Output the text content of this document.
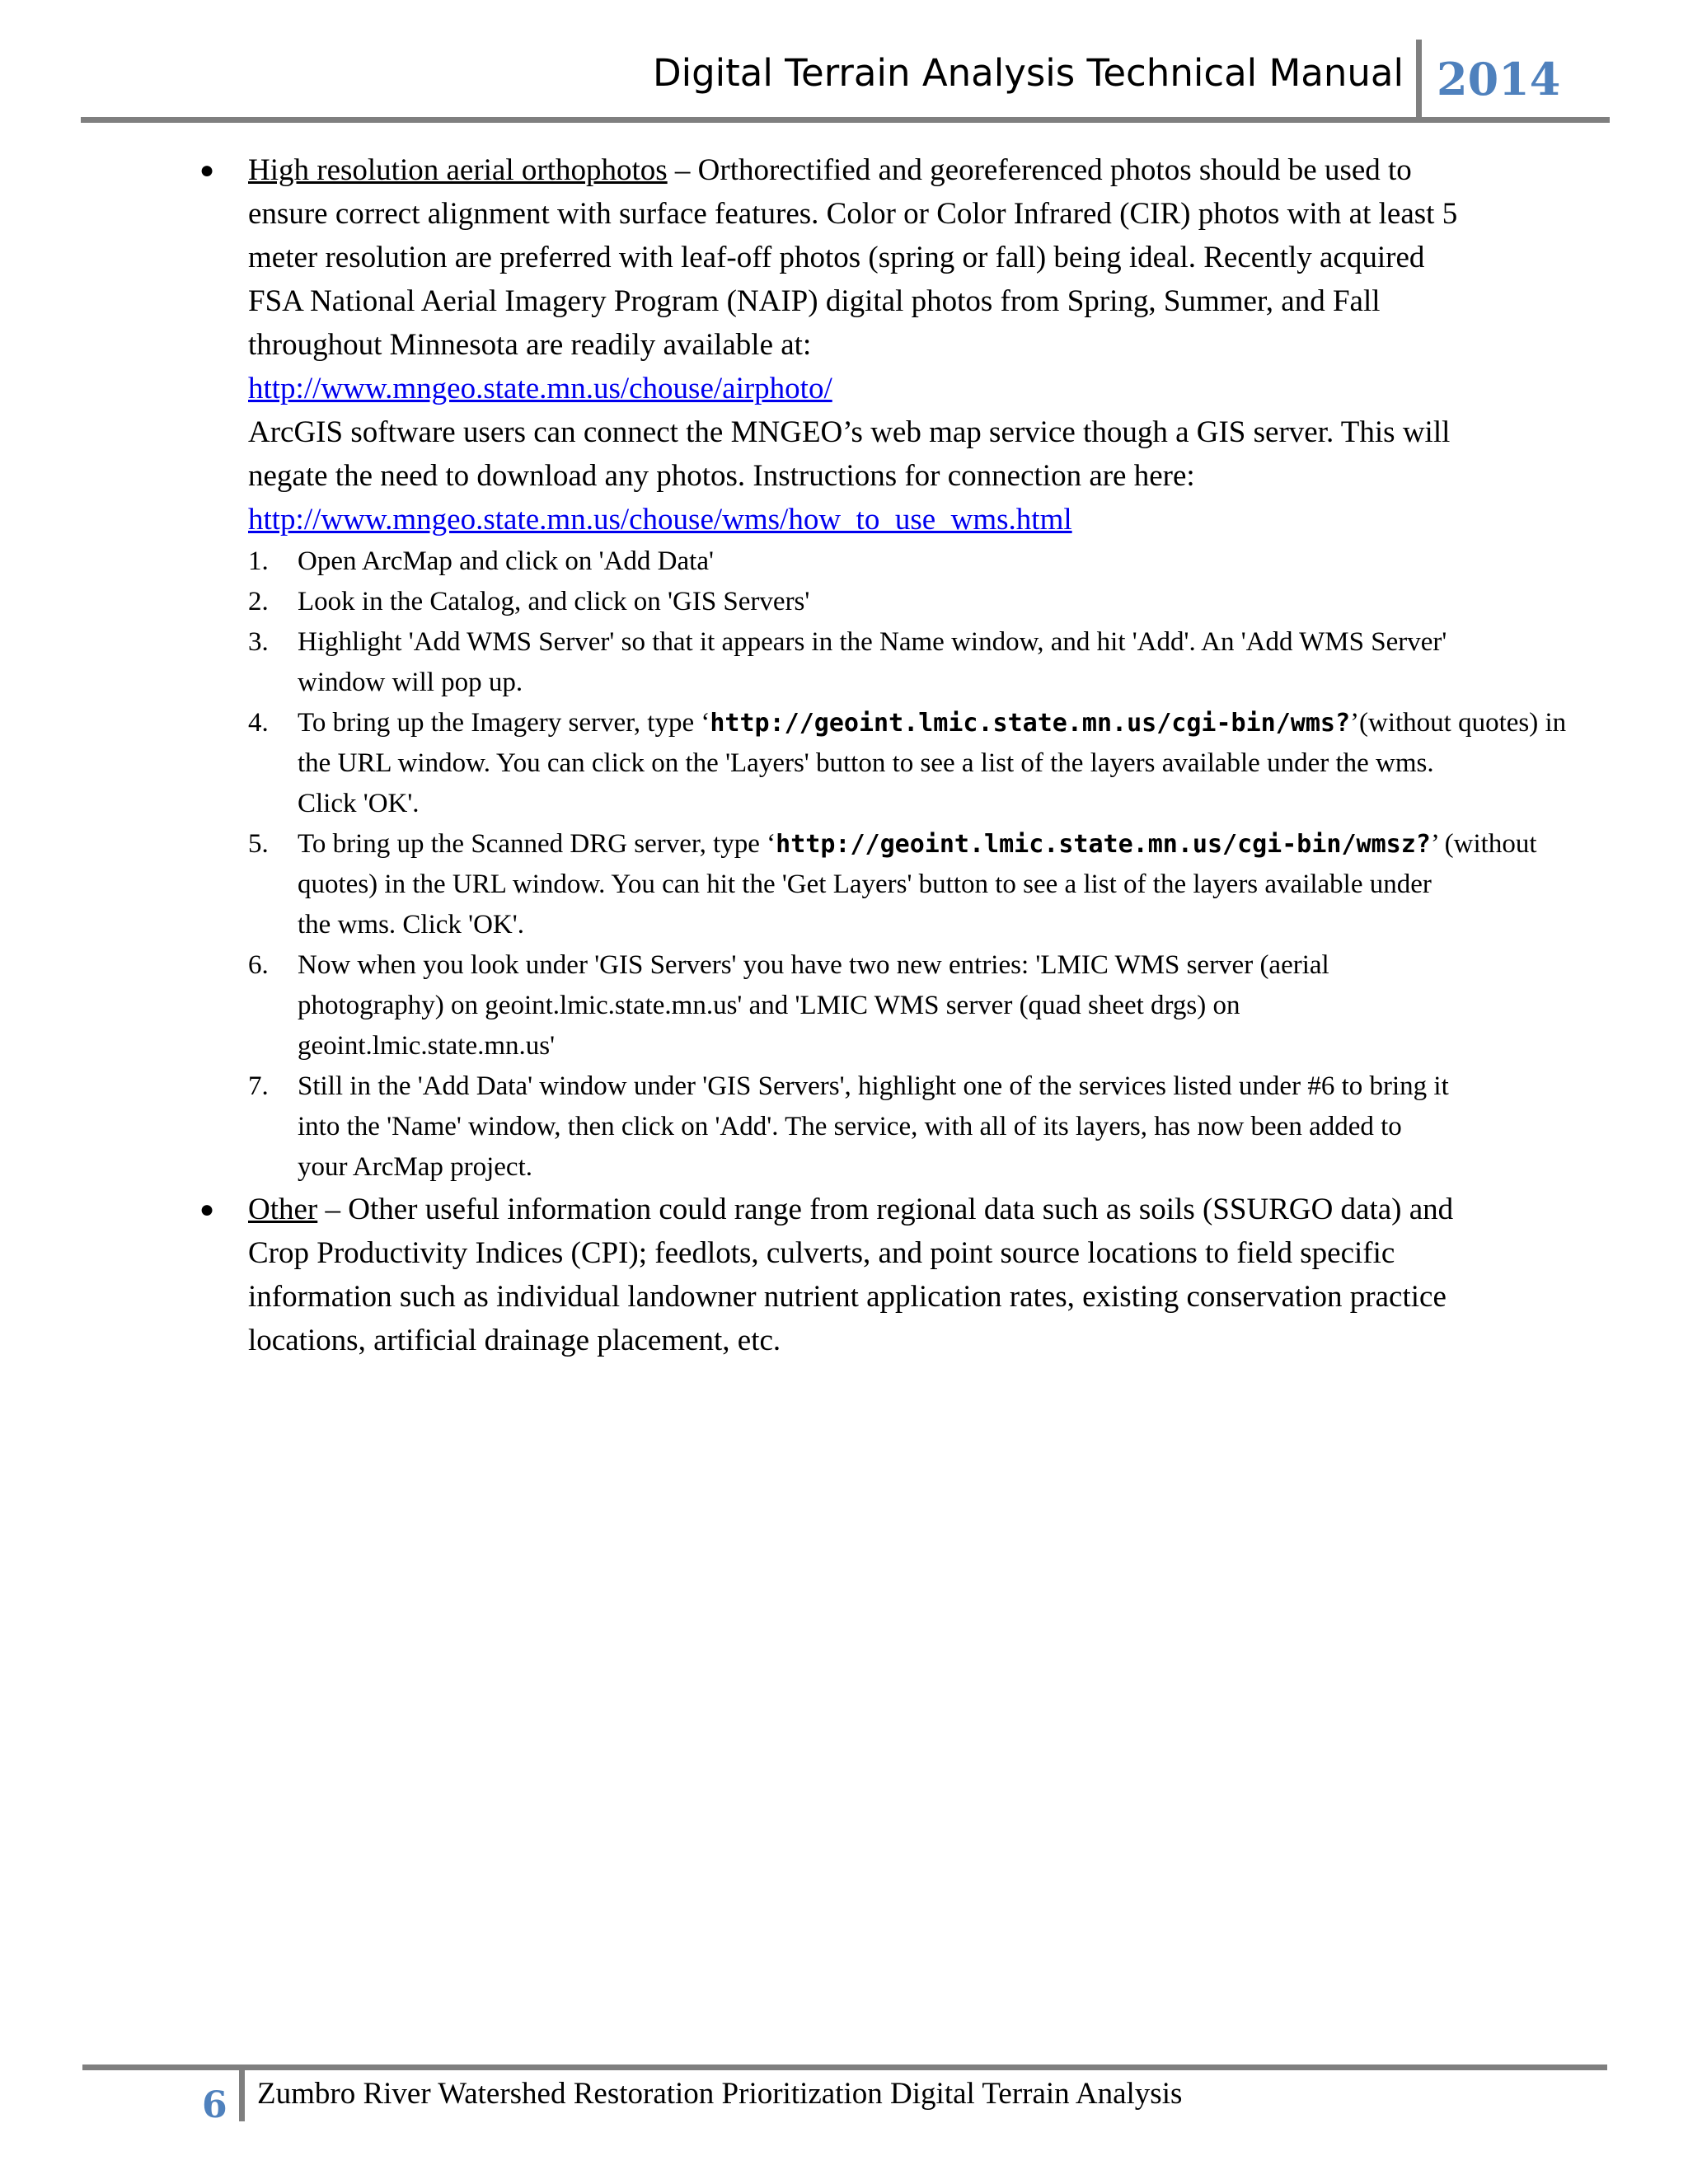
Digital Terrain Analysis Technical Manual 2014
● High resolution aerial orthophotos – Orthorectified and georeferenced photos should be used to
ensure correct alignment with surface features. Color or Color Infrared (CIR) photos with at least 5
meter resolution are preferred with leaf-off photos (spring or fall) being ideal. Recently acquired
FSA National Aerial Imagery Program (NAIP) digital photos from Spring, Summer, and Fall
throughout Minnesota are readily available at:
http://www.mngeo.state.mn.us/chouse/airphoto/
ArcGIS software users can connect the MNGEO’s web map service though a GIS server. This will
negate the need to download any photos. Instructions for connection are here:
http://www.mngeo.state.mn.us/chouse/wms/how_to_use_wms.html
1. Open ArcMap and click on 'Add Data'
2. Look in the Catalog, and click on 'GIS Servers'
3. Highlight 'Add WMS Server' so that it appears in the Name window, and hit 'Add'. An 'Add WMS Server'
window will pop up.
4. To bring up the Imagery server, type ‘http://geoint.lmic.state.mn.us/cgi-bin/wms?’(without quotes) in
the URL window. You can click on the 'Layers' button to see a list of the layers available under the wms.
Click 'OK'.
5. To bring up the Scanned DRG server, type ‘http://geoint.lmic.state.mn.us/cgi-bin/wmsz?’ (without
quotes) in the URL window. You can hit the 'Get Layers' button to see a list of the layers available under
the wms. Click 'OK'.
6. Now when you look under 'GIS Servers' you have two new entries: 'LMIC WMS server (aerial
photography) on geoint.lmic.state.mn.us' and 'LMIC WMS server (quad sheet drgs) on
geoint.lmic.state.mn.us'
7. Still in the 'Add Data' window under 'GIS Servers', highlight one of the services listed under #6 to bring it
into the 'Name' window, then click on 'Add'. The service, with all of its layers, has now been added to
your ArcMap project.
● Other – Other useful information could range from regional data such as soils (SSURGO data) and
Crop Productivity Indices (CPI); feedlots, culverts, and point source locations to field specific
information such as individual landowner nutrient application rates, existing conservation practice
locations, artificial drainage placement, etc.
6 Zumbro River Watershed Restoration Prioritization Digital Terrain Analysis
